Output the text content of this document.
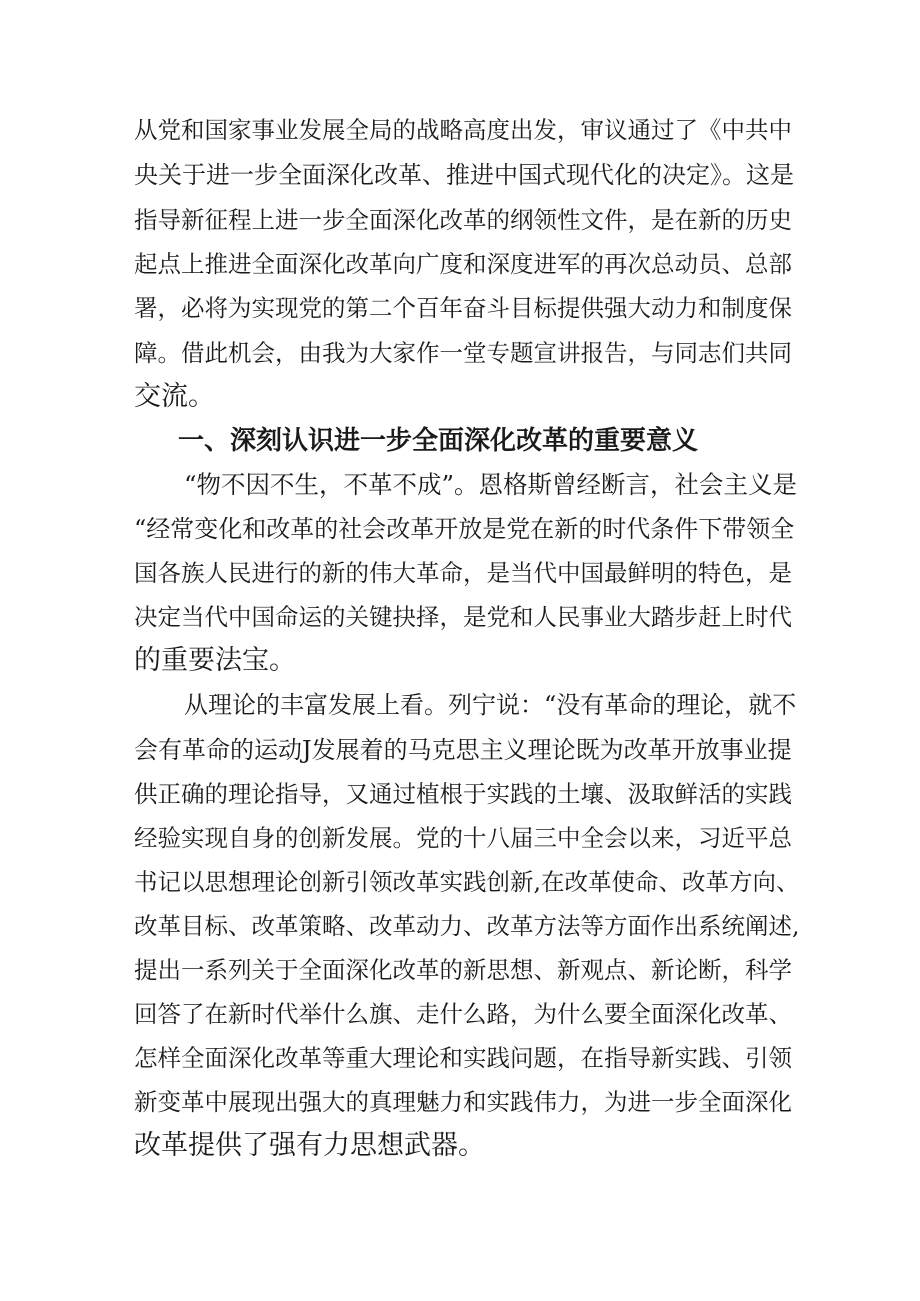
从党和国家事业发展全局的战略高度出发，审议通过了《中共中
央关于进一步全面深化改革、推进中国式现代化的决定》。这是
指导新征程上进一步全面深化改革的纲领性文件，是在新的历史
起点上推进全面深化改革向广度和深度进军的再次总动员、总部
署，必将为实现党的第二个百年奋斗目标提供强大动力和制度保
障。借此机会，由我为大家作一堂专题宣讲报告，与同志们共同
交流。
一、深刻认识进一步全面深化改革的重要意义
“物不因不生，不革不成”。恩格斯曾经断言，社会主义是
“经常变化和改革的社会改革开放是党在新的时代条件下带领全
国各族人民进行的新的伟大革命，是当代中国最鲜明的特色，是
决定当代中国命运的关键抉择，是党和人民事业大踏步赶上时代
的重要法宝。
从理论的丰富发展上看。列宁说：“没有革命的理论，就不
会有革命的运动J发展着的马克思主义理论既为改革开放事业提
供正确的理论指导，又通过植根于实践的土壤、汲取鲜活的实践
经验实现自身的创新发展。党的十八届三中全会以来，习近平总
书记以思想理论创新引领改革实践创新,在改革使命、改革方向、
改革目标、改革策略、改革动力、改革方法等方面作出系统阐述,
提出一系列关于全面深化改革的新思想、新观点、新论断，科学
回答了在新时代举什么旗、走什么路，为什么要全面深化改革、
怎样全面深化改革等重大理论和实践问题，在指导新实践、引领
新变革中展现出强大的真理魅力和实践伟力，为进一步全面深化
改革提供了强有力思想武器。
